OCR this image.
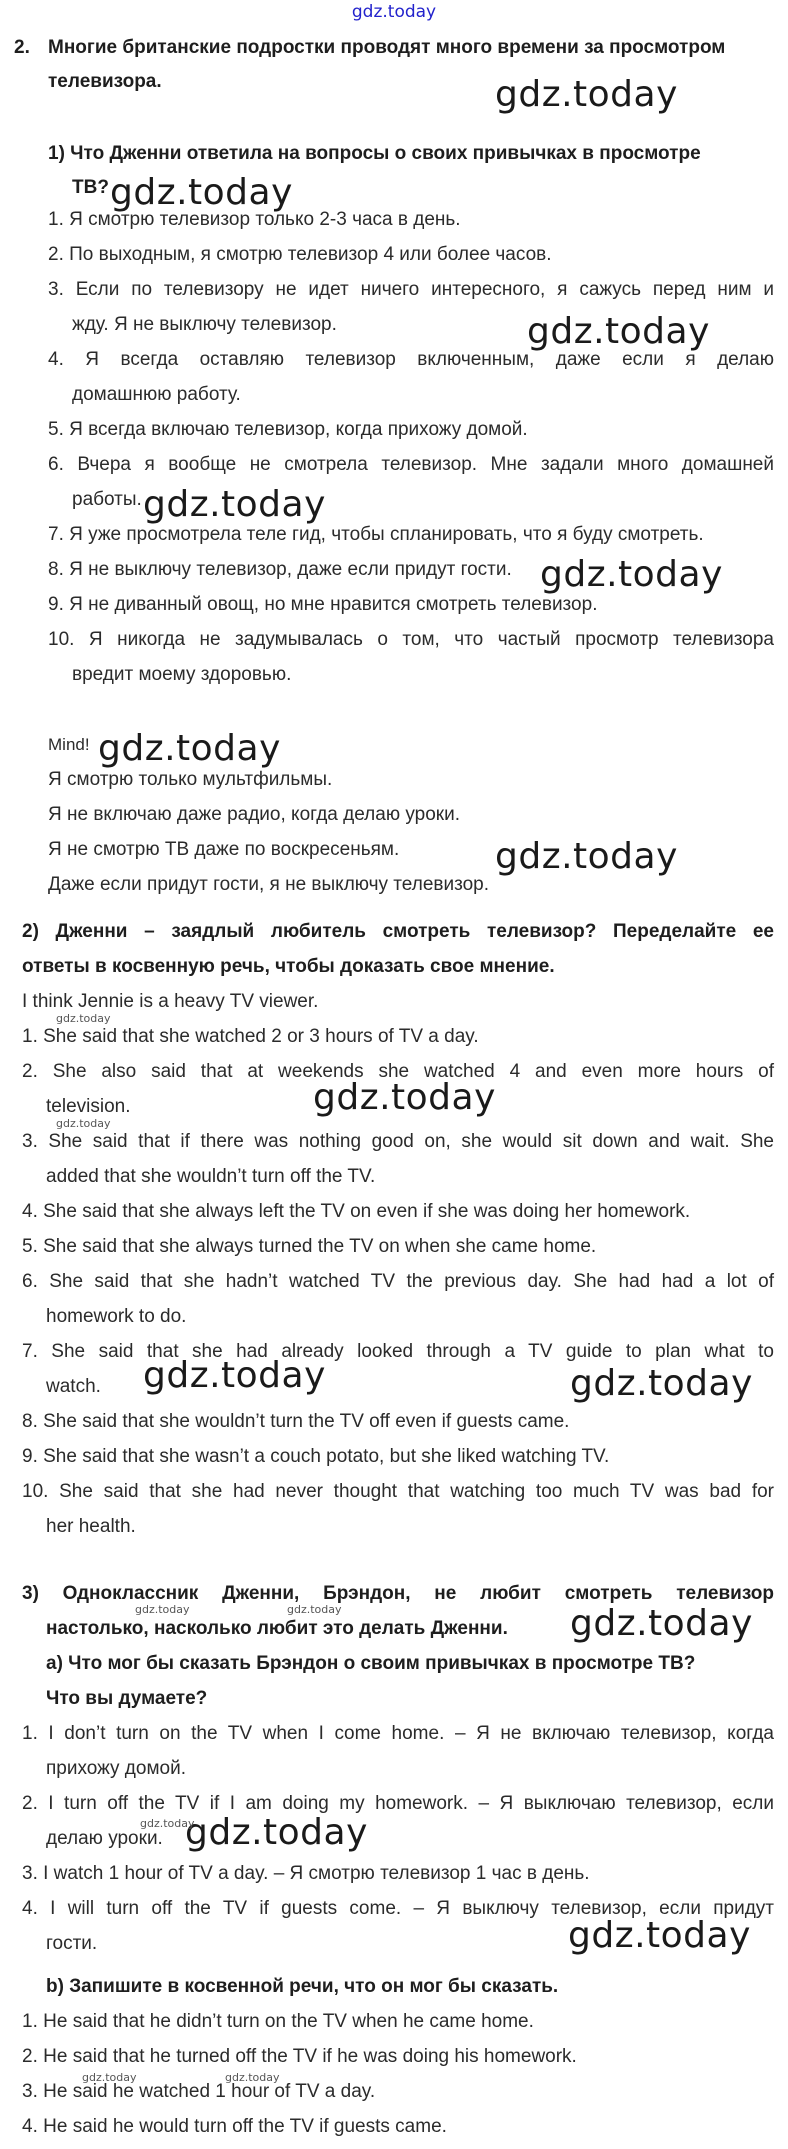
gdz.today
2. Многие британские подростки проводят много времени за просмотром
телевизора.
1) Что Дженни ответила на вопросы о своих привычках в просмотре
ТВ?
1. Я смотрю телевизор только 2-3 часа в день.
2. По выходным, я смотрю телевизор 4 или более часов.
3. Если по телевизору не идет ничего интересного, я сажусь перед ним и
жду. Я не выключу телевизор.
4. Я всегда оставляю телевизор включенным, даже если я делаю
домашнюю работу.
5. Я всегда включаю телевизор, когда прихожу домой.
6. Вчера я вообще не смотрела телевизор. Мне задали много домашней
работы.
7. Я уже просмотрела теле гид, чтобы спланировать, что я буду смотреть.
8. Я не выключу телевизор, даже если придут гости.
9. Я не диванный овощ, но мне нравится смотреть телевизор.
10. Я никогда не задумывалась о том, что частый просмотр телевизора
вредит моему здоровью.
Mind!
Я смотрю только мультфильмы.
Я не включаю даже радио, когда делаю уроки.
Я не смотрю ТВ даже по воскресеньям.
Даже если придут гости, я не выключу телевизор.
2) Дженни – заядлый любитель смотреть телевизор? Переделайте ее
ответы в косвенную речь, чтобы доказать свое мнение.
I think Jennie is a heavy TV viewer.
1. She said that she watched 2 or 3 hours of TV a day.
2. She also said that at weekends she watched 4 and even more hours of
television.
3. She said that if there was nothing good on, she would sit down and wait. She
added that she wouldn’t turn off the TV.
4. She said that she always left the TV on even if she was doing her homework.
5. She said that she always turned the TV on when she came home.
6. She said that she hadn’t watched TV the previous day. She had had a lot of
homework to do.
7. She said that she had already looked through a TV guide to plan what to
watch.
8. She said that she wouldn’t turn the TV off even if guests came.
9. She said that she wasn’t a couch potato, but she liked watching TV.
10. She said that she had never thought that watching too much TV was bad for
her health.
3) Одноклассник Дженни, Брэндон, не любит смотреть телевизор
настолько, насколько любит это делать Дженни.
a) Что мог бы сказать Брэндон о своим привычках в просмотре ТВ?
Что вы думаете?
1. I don’t turn on the TV when I come home. – Я не включаю телевизор, когда
прихожу домой.
2. I turn off the TV if I am doing my homework. – Я выключаю телевизор, если
делаю уроки.
3. I watch 1 hour of TV a day. – Я смотрю телевизор 1 час в день.
4. I will turn off the TV if guests come. – Я выключу телевизор, если придут
гости.
b) Запишите в косвенной речи, что он мог бы сказать.
1. He said that he didn’t turn on the TV when he came home.
2. He said that he turned off the TV if he was doing his homework.
3. He said he watched 1 hour of TV a day.
4. He said he would turn off the TV if guests came.
gdz.today
gdz.today
gdz.today
gdz.today
gdz.today
gdz.today
gdz.today
gdz.today
gdz.today	gdz.today
gdz.today
gdz.today
gdz.today
gdz.today
gdz.today
gdz.today	gdz.today
gdz.today
gdz.today	gdz.today
